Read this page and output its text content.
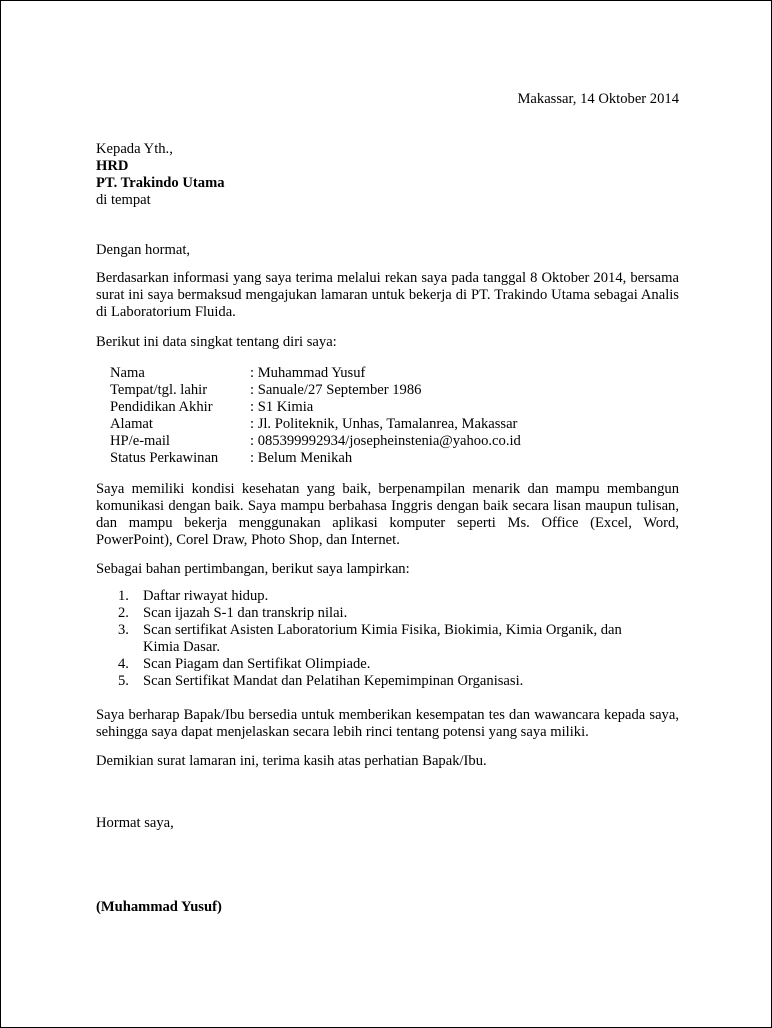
Makassar, 14 Oktober 2014
Kepada Yth.,
HRD
PT. Trakindo Utama
di tempat
Dengan hormat,
Berdasarkan informasi yang saya terima melalui rekan saya pada tanggal 8 Oktober 2014, bersama surat ini saya bermaksud mengajukan lamaran untuk bekerja di PT. Trakindo Utama sebagai Analis di Laboratorium Fluida.
Berikut ini data singkat tentang diri saya:
Nama	: Muhammad Yusuf
Tempat/tgl. lahir	: Sanuale/27 September 1986
Pendidikan Akhir	: S1 Kimia
Alamat	: Jl. Politeknik, Unhas, Tamalanrea, Makassar
HP/e-mail	: 085399992934/josepheinstenia@yahoo.co.id
Status Perkawinan	: Belum Menikah
Saya memiliki kondisi kesehatan yang baik, berpenampilan menarik dan mampu membangun komunikasi dengan baik. Saya mampu berbahasa Inggris dengan baik secara lisan maupun tulisan, dan mampu bekerja menggunakan aplikasi komputer seperti Ms. Office (Excel, Word, PowerPoint), Corel Draw, Photo Shop, dan Internet.
Sebagai bahan pertimbangan, berikut saya lampirkan:
1. Daftar riwayat hidup.
2. Scan ijazah S-1 dan transkrip nilai.
3. Scan sertifikat Asisten Laboratorium Kimia Fisika, Biokimia, Kimia Organik, dan Kimia Dasar.
4. Scan Piagam dan Sertifikat Olimpiade.
5. Scan Sertifikat Mandat dan Pelatihan Kepemimpinan Organisasi.
Saya berharap Bapak/Ibu bersedia untuk memberikan kesempatan tes dan wawancara kepada saya, sehingga saya dapat menjelaskan secara lebih rinci tentang potensi yang saya miliki.
Demikian surat lamaran ini, terima kasih atas perhatian Bapak/Ibu.
Hormat saya,
(Muhammad Yusuf)
